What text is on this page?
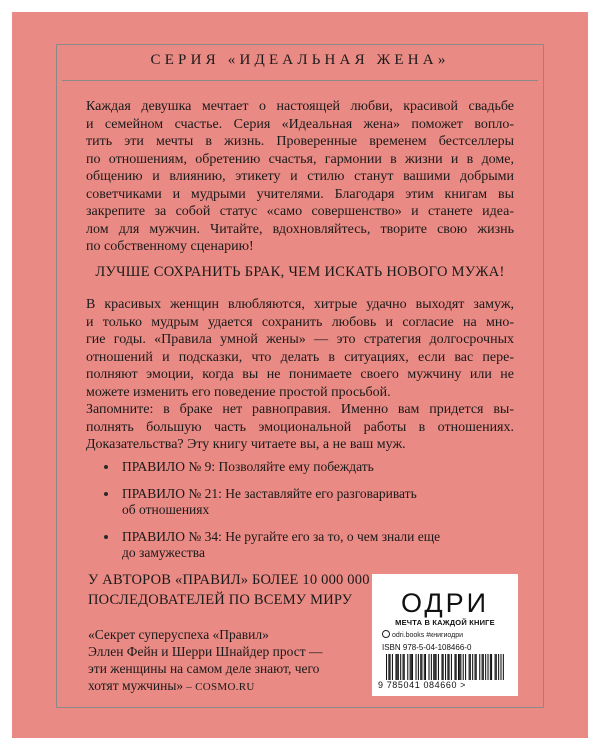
СЕРИЯ «ИДЕАЛЬНАЯ ЖЕНА»
Каждая девушка мечтает о настоящей любви, красивой свадьбе
и семейном счастье. Серия «Идеальная жена» поможет вопло-
тить эти мечты в жизнь. Проверенные временем бестселлеры
по отношениям, обретению счастья, гармонии в жизни и в доме,
общению и влиянию, этикету и стилю станут вашими добрыми
советчиками и мудрыми учителями. Благодаря этим книгам вы
закрепите за собой статус «само совершенство» и станете идеа-
лом для мужчин. Читайте, вдохновляйтесь, творите свою жизнь
по собственному сценарию!
ЛУЧШЕ СОХРАНИТЬ БРАК, ЧЕМ ИСКАТЬ НОВОГО МУЖА!
В красивых женщин влюбляются, хитрые удачно выходят замуж,
и только мудрым удается сохранить любовь и согласие на мно-
гие годы. «Правила умной жены» — это стратегия долгосрочных
отношений и подсказки, что делать в ситуациях, если вас пере-
полняют эмоции, когда вы не понимаете своего мужчину или не
можете изменить его поведение простой просьбой.
Запомните: в браке нет равноправия. Именно вам придется вы-
полнять большую часть эмоциональной работы в отношениях.
Доказательства? Эту книгу читаете вы, а не ваш муж.
ПРАВИЛО № 9: Позволяйте ему побеждать
ПРАВИЛО № 21: Не заставляйте его разговаривать
об отношениях
ПРАВИЛО № 34: Не ругайте его за то, о чем знали еще
до замужества
У АВТОРОВ «ПРАВИЛ» БОЛЕЕ 10 000 000
ПОСЛЕДОВАТЕЛЕЙ ПО ВСЕМУ МИРУ
«Секрет суперуспеха «Правил»
Эллен Фейн и Шерри Шнайдер прост —
эти женщины на самом деле знают, чего
хотят мужчины» – COSMO.RU
ОДРИ
МЕЧТА В КАЖДОЙ КНИГЕ
odri.books #книгиодри
ISBN 978-5-04-108466-0
9 785041 084660 >
